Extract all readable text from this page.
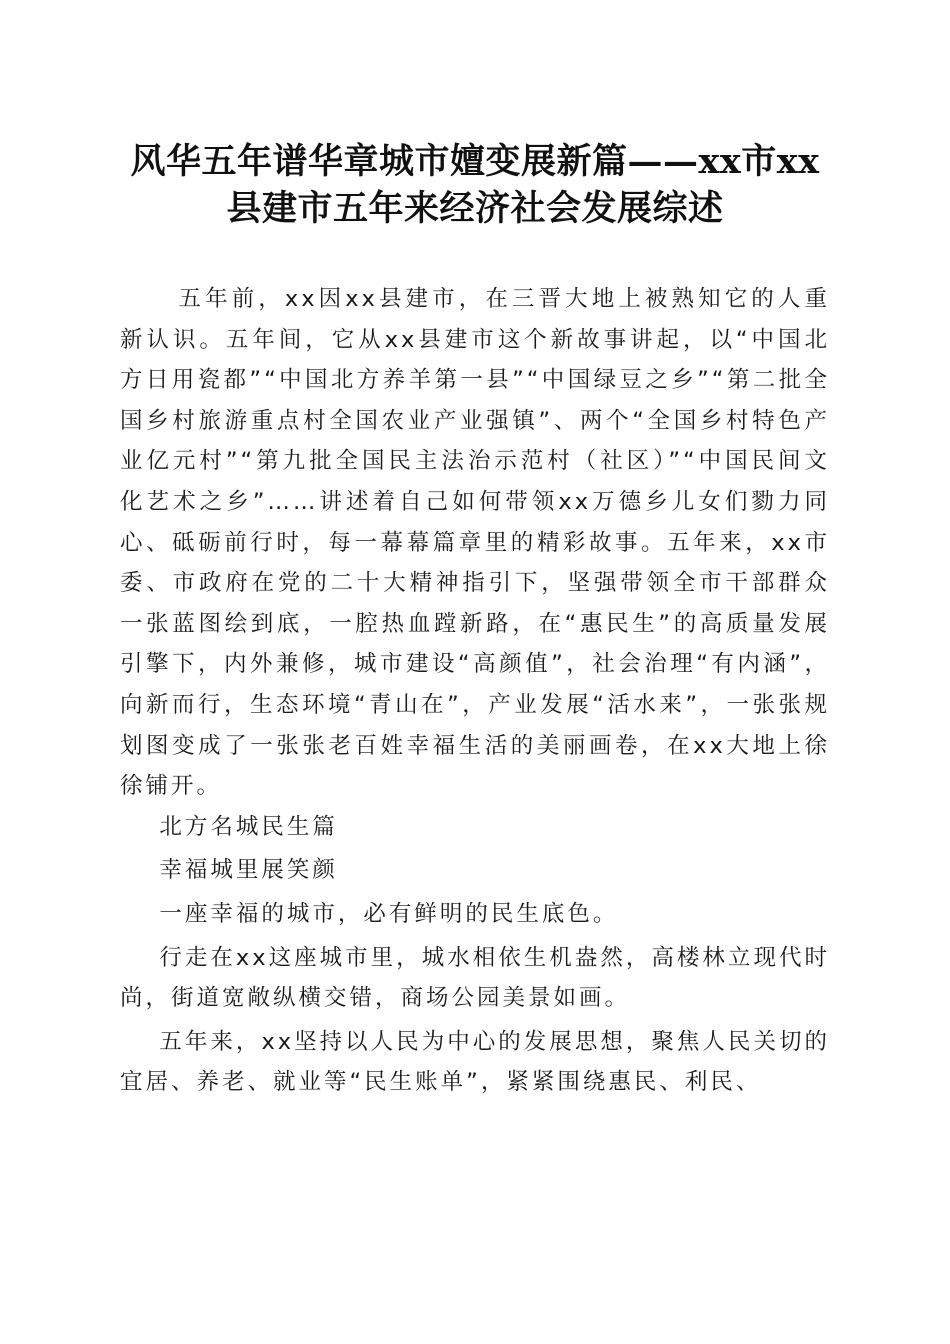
风华五年谱华章城市嬗变展新篇——xx市xx
县建市五年来经济社会发展综述

五年前，xx因xx县建市，在三晋大地上被熟知它的人重新认识。五年间，它从xx县建市这个新故事讲起，以“中国北方日用瓷都”“中国北方养羊第一县”“中国绿豆之乡”“第二批全国乡村旅游重点村全国农业产业强镇”、两个“全国乡村特色产业亿元村”“第九批全国民主法治示范村（社区）”“中国民间文化艺术之乡”……讲述着自己如何带领xx万德乡儿女们勠力同心、砥砺前行时，每一幕幕篇章里的精彩故事。五年来，xx市委、市政府在党的二十大精神指引下，坚强带领全市干部群众一张蓝图绘到底，一腔热血蹚新路，在“惠民生”的高质量发展引擎下，内外兼修，城市建设“高颜值”，社会治理“有内涵”，向新而行，生态环境“青山在”，产业发展“活水来”，一张张规划图变成了一张张老百姓幸福生活的美丽画卷，在xx大地上徐徐铺开。

北方名城民生篇

幸福城里展笑颜

一座幸福的城市，必有鲜明的民生底色。

行走在xx这座城市里，城水相依生机盎然，高楼林立现代时尚，街道宽敞纵横交错，商场公园美景如画。

五年来，xx坚持以人民为中心的发展思想，聚焦人民关切的宜居、养老、就业等“民生账单”，紧紧围绕惠民、利民、
